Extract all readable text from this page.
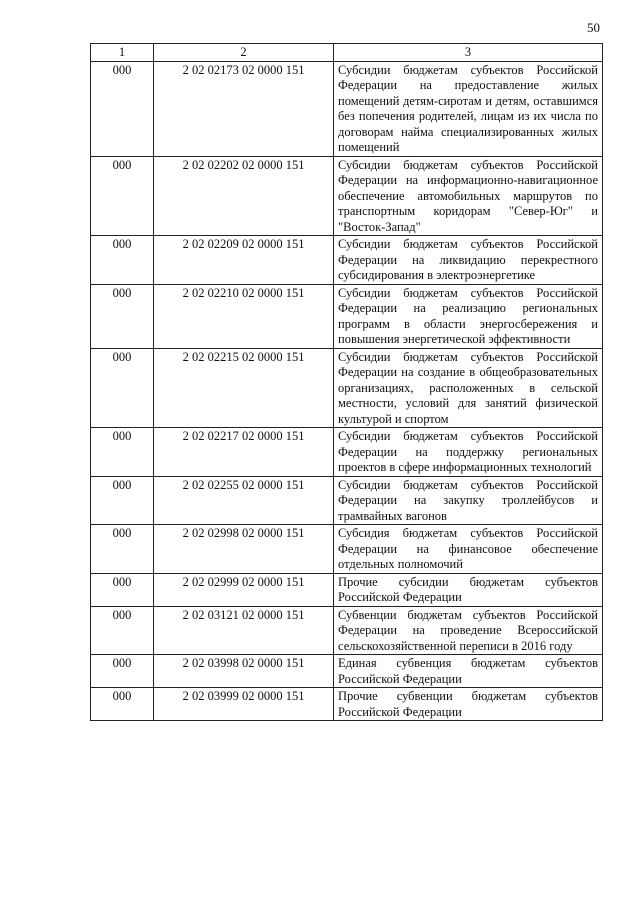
50
1	2	3
000	2 02 02173 02 0000 151	Субсидии бюджетам субъектов Российской Федерации на предоставление жилых помещений детям-сиротам и детям, оставшимся без попечения родителей, лицам из их числа по договорам найма специализированных жилых помещений
000	2 02 02202 02 0000 151	Субсидии бюджетам субъектов Российской Федерации на информационно-навигационное обеспечение автомобильных маршрутов по транспортным коридорам "Север-Юг" и "Восток-Запад"
000	2 02 02209 02 0000 151	Субсидии бюджетам субъектов Российской Федерации на ликвидацию перекрестного субсидирования в электроэнергетике
000	2 02 02210 02 0000 151	Субсидии бюджетам субъектов Российской Федерации на реализацию региональных программ в области энергосбережения и повышения энергетической эффективности
000	2 02 02215 02 0000 151	Субсидии бюджетам субъектов Российской Федерации на создание в общеобразовательных организациях, расположенных в сельской местности, условий для занятий физической культурой и спортом
000	2 02 02217 02 0000 151	Субсидии бюджетам субъектов Российской Федерации на поддержку региональных проектов в сфере информационных технологий
000	2 02 02255 02 0000 151	Субсидии бюджетам субъектов Российской Федерации на закупку троллейбусов и трамвайных вагонов
000	2 02 02998 02 0000 151	Субсидия бюджетам субъектов Российской Федерации на финансовое обеспечение отдельных полномочий
000	2 02 02999 02 0000 151	Прочие субсидии бюджетам субъектов Российской Федерации
000	2 02 03121 02 0000 151	Субвенции бюджетам субъектов Российской Федерации на проведение Всероссийской сельскохозяйственной переписи в 2016 году
000	2 02 03998 02 0000 151	Единая субвенция бюджетам субъектов Российской Федерации
000	2 02 03999 02 0000 151	Прочие субвенции бюджетам субъектов Российской Федерации
